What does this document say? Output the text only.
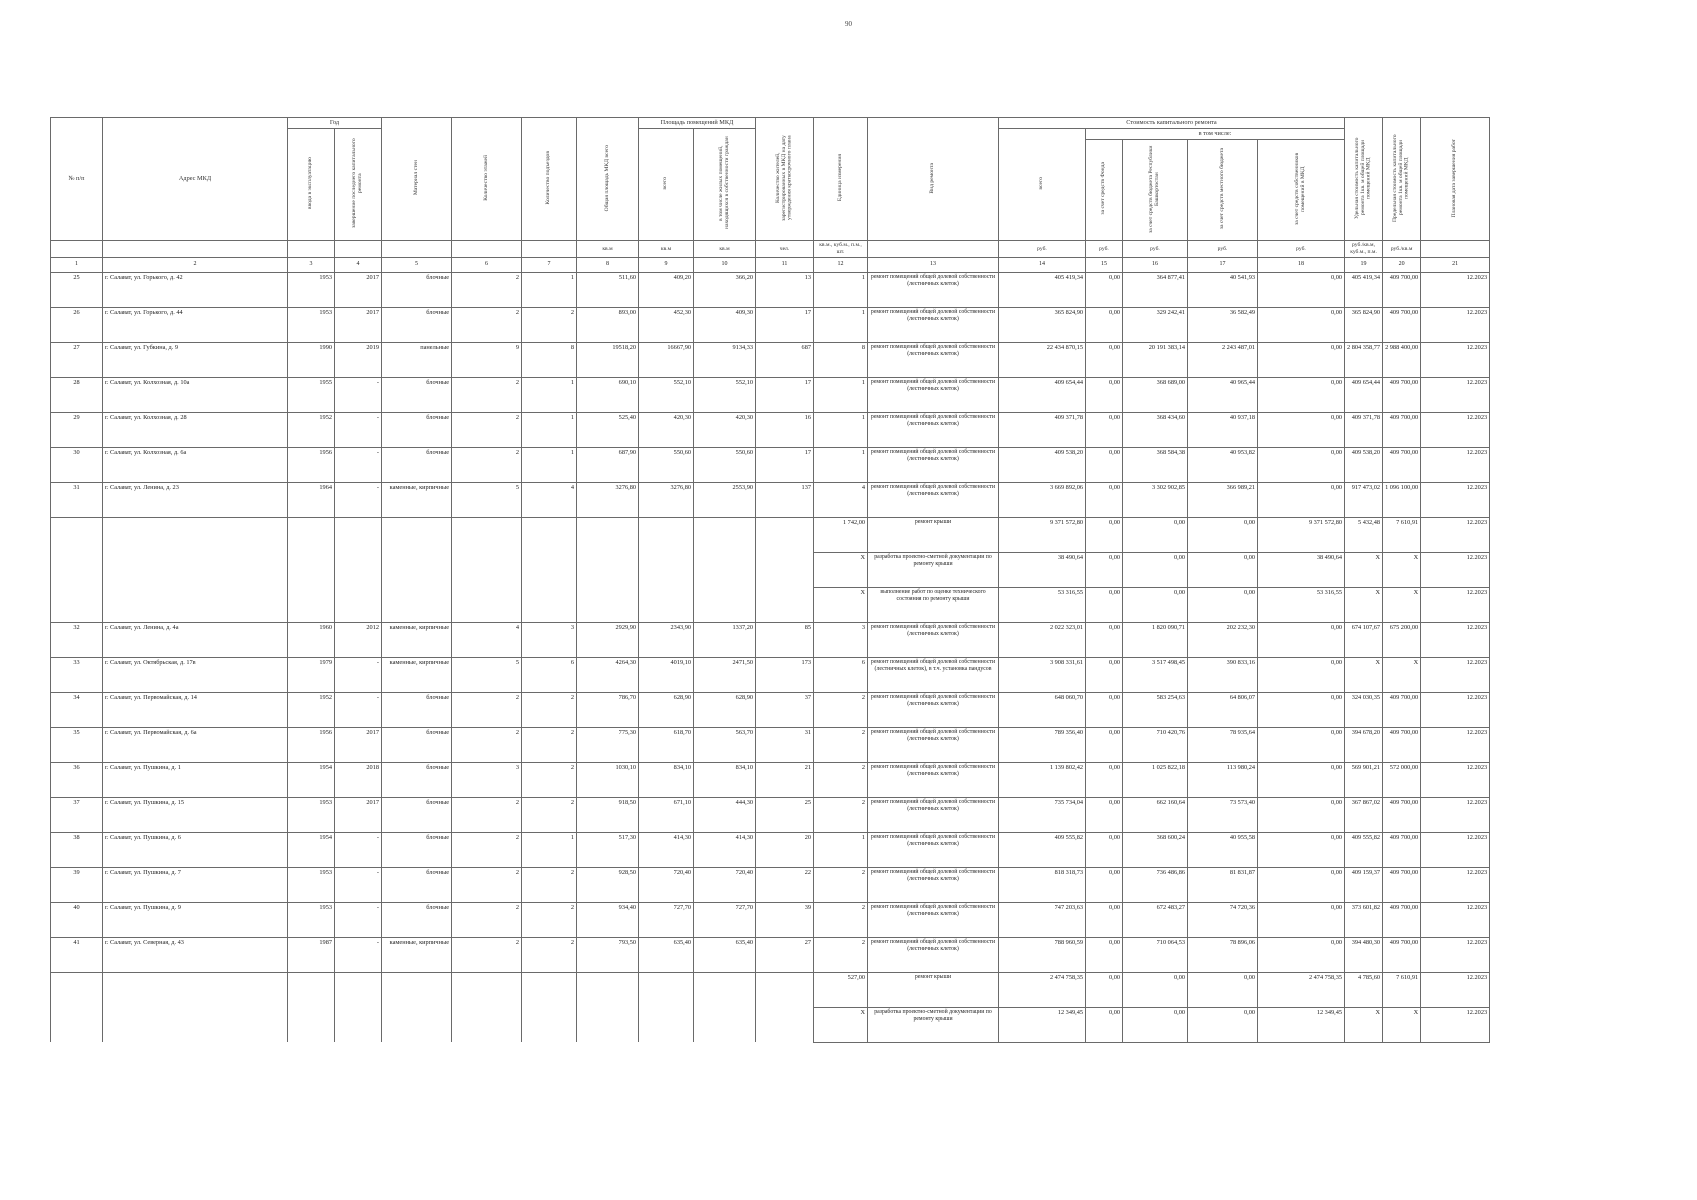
90
№ п/п	Адрес МКД	Год		Материал стен	Количество этажей	Количество подъездов	Общая площадь МКД всего	Площадь помещений МКД		Количество жителей, зарегистрированных в МКД на дату утверждения краткосрочного плана	Единица измерения	Вид ремонта	Стоимость капитального ремонта					Удельная стоимость капитального ремонта 1кв. м общей площади помещений МКД	Предельная стоимость капитального ремонта 1кв. м общей площади помещений МКД	Плановая дата завершения работ
		ввода в эксплуатацию	завершение последнего капитального ремонта					всего	в том числе жилых помещений, находящихся в собственности граждан				всего	в том числе:						
														за счет средств Фонда	за счет средств бюджета Республики Башкортостан	за счет средств местного бюджета	за счет средств собственников помещений в МКД			
							кв.м	кв.м	кв.м	чел.	кв.м., куб.м., п.м., шт.		руб.	руб.	руб.	руб.	руб.	руб./кв.м, куб.м., п.м.	руб./кв.м	
1	2	3	4	5	6	7	8	9	10	11	12	13	14	15	16	17	18	19	20	21
25	г. Салават, ул. Горького, д. 42	1953	2017	блочные	2	1	511,60	409,20	366,20	13	1	ремонт помещений общей долевой собственности (лестничных клеток)	405 419,34	0,00	364 877,41	40 541,93	0,00	405 419,34	409 700,00	12.2023
26	г. Салават, ул. Горького, д. 44	1953	2017	блочные	2	2	893,00	452,30	409,30	17	1	ремонт помещений общей долевой собственности (лестничных клеток)	365 824,90	0,00	329 242,41	36 582,49	0,00	365 824,90	409 700,00	12.2023
27	г. Салават, ул. Губкина, д. 9	1990	2019	панельные	9	8	19518,20	16667,90	9134,33	687	8	ремонт помещений общей долевой собственности (лестничных клеток)	22 434 870,15	0,00	20 191 383,14	2 243 487,01	0,00	2 804 358,77	2 988 400,00	12.2023
28	г. Салават, ул. Колхозная, д. 10а	1955	-	блочные	2	1	690,10	552,10	552,10	17	1	ремонт помещений общей долевой собственности (лестничных клеток)	409 654,44	0,00	368 689,00	40 965,44	0,00	409 654,44	409 700,00	12.2023
29	г. Салават, ул. Колхозная, д. 28	1952	-	блочные	2	1	525,40	420,30	420,30	16	1	ремонт помещений общей долевой собственности (лестничных клеток)	409 371,78	0,00	368 434,60	40 937,18	0,00	409 371,78	409 700,00	12.2023
30	г. Салават, ул. Колхозная, д. 6а	1956	-	блочные	2	1	687,90	550,60	550,60	17	1	ремонт помещений общей долевой собственности (лестничных клеток)	409 538,20	0,00	368 584,38	40 953,82	0,00	409 538,20	409 700,00	12.2023
31	г. Салават, ул. Ленина, д. 23	1964	-	каменные, кирпичные	5	4	3276,80	3276,80	2553,90	137	4	ремонт помещений общей долевой собственности (лестничных клеток)	3 669 892,06	0,00	3 302 902,85	366 989,21	0,00	917 473,02	1 096 100,00	12.2023
											1 742,00	ремонт крыши	9 371 572,80	0,00	0,00	0,00	9 371 572,80	5 432,48	7 610,91	12.2023
											X	разработка проектно-сметной документации по ремонту крыши	38 490,64	0,00	0,00	0,00	38 490,64	X	X	12.2023
											X	выполнение работ по оценке технического состояния по ремонту крыши	53 316,55	0,00	0,00	0,00	53 316,55	X	X	12.2023
32	г. Салават, ул. Ленина, д. 4а	1960	2012	каменные, кирпичные	4	3	2929,90	2343,90	1337,20	85	3	ремонт помещений общей долевой собственности (лестничных клеток)	2 022 323,01	0,00	1 820 090,71	202 232,30	0,00	674 107,67	675 200,00	12.2023
33	г. Салават, ул. Октябрьская, д. 17в	1979	-	каменные, кирпичные	5	6	4264,30	4019,10	2471,50	173	6	ремонт помещений общей долевой собственности (лестничных клеток), в т.ч. установка пандусов	3 908 331,61	0,00	3 517 498,45	390 833,16	0,00	X	X	12.2023
34	г. Салават, ул. Первомайская, д. 14	1952	-	блочные	2	2	786,70	628,90	628,90	37	2	ремонт помещений общей долевой собственности (лестничных клеток)	648 060,70	0,00	583 254,63	64 806,07	0,00	324 030,35	409 700,00	12.2023
35	г. Салават, ул. Первомайская, д. 6а	1956	2017	блочные	2	2	775,30	618,70	563,70	31	2	ремонт помещений общей долевой собственности (лестничных клеток)	789 356,40	0,00	710 420,76	78 935,64	0,00	394 678,20	409 700,00	12.2023
36	г. Салават, ул. Пушкина, д. 1	1954	2018	блочные	3	2	1030,10	834,10	834,10	21	2	ремонт помещений общей долевой собственности (лестничных клеток)	1 139 802,42	0,00	1 025 822,18	113 980,24	0,00	569 901,21	572 000,00	12.2023
37	г. Салават, ул. Пушкина, д. 15	1953	2017	блочные	2	2	918,50	671,10	444,30	25	2	ремонт помещений общей долевой собственности (лестничных клеток)	735 734,04	0,00	662 160,64	73 573,40	0,00	367 867,02	409 700,00	12.2023
38	г. Салават, ул. Пушкина, д. 6	1954	-	блочные	2	1	517,30	414,30	414,30	20	1	ремонт помещений общей долевой собственности (лестничных клеток)	409 555,82	0,00	368 600,24	40 955,58	0,00	409 555,82	409 700,00	12.2023
39	г. Салават, ул. Пушкина, д. 7	1953	-	блочные	2	2	928,50	720,40	720,40	22	2	ремонт помещений общей долевой собственности (лестничных клеток)	818 318,73	0,00	736 486,86	81 831,87	0,00	409 159,37	409 700,00	12.2023
40	г. Салават, ул. Пушкина, д. 9	1953	-	блочные	2	2	934,40	727,70	727,70	39	2	ремонт помещений общей долевой собственности (лестничных клеток)	747 203,63	0,00	672 483,27	74 720,36	0,00	373 601,82	409 700,00	12.2023
41	г. Салават, ул. Северная, д. 43	1987	-	каменные, кирпичные	2	2	793,50	635,40	635,40	27	2	ремонт помещений общей долевой собственности (лестничных клеток)	788 960,59	0,00	710 064,53	78 896,06	0,00	394 480,30	409 700,00	12.2023
											527,00	ремонт крыши	2 474 758,35	0,00	0,00	0,00	2 474 758,35	4 785,60	7 610,91	12.2023
											X	разработка проектно-сметной документации по ремонту крыши	12 349,45	0,00	0,00	0,00	12 349,45	X	X	12.2023
